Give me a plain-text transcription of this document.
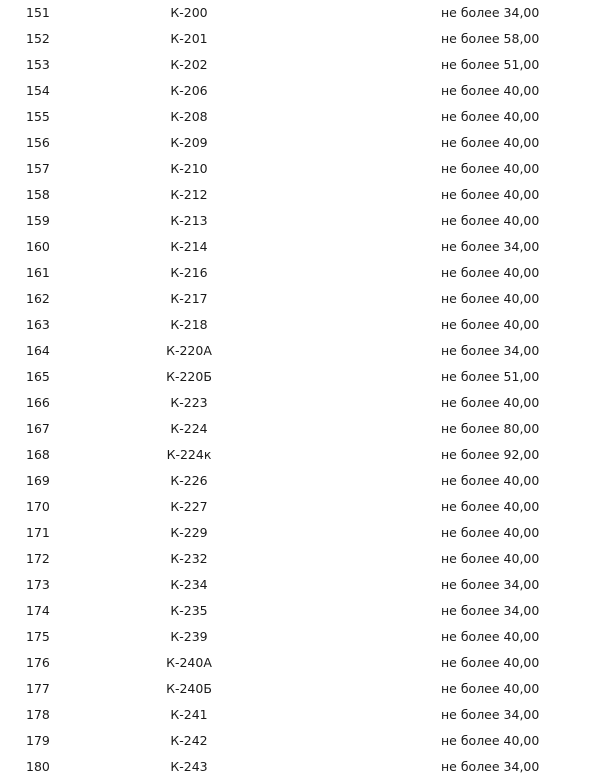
151	К-200	не более 34,00
152	К-201	не более 58,00
153	К-202	не более 51,00
154	К-206	не более 40,00
155	К-208	не более 40,00
156	К-209	не более 40,00
157	К-210	не более 40,00
158	К-212	не более 40,00
159	К-213	не более 40,00
160	К-214	не более 34,00
161	К-216	не более 40,00
162	К-217	не более 40,00
163	К-218	не более 40,00
164	К-220А	не более 34,00
165	К-220Б	не более 51,00
166	К-223	не более 40,00
167	К-224	не более 80,00
168	К-224к	не более 92,00
169	К-226	не более 40,00
170	К-227	не более 40,00
171	К-229	не более 40,00
172	К-232	не более 40,00
173	К-234	не более 34,00
174	К-235	не более 34,00
175	К-239	не более 40,00
176	К-240А	не более 40,00
177	К-240Б	не более 40,00
178	К-241	не более 34,00
179	К-242	не более 40,00
180	К-243	не более 34,00
